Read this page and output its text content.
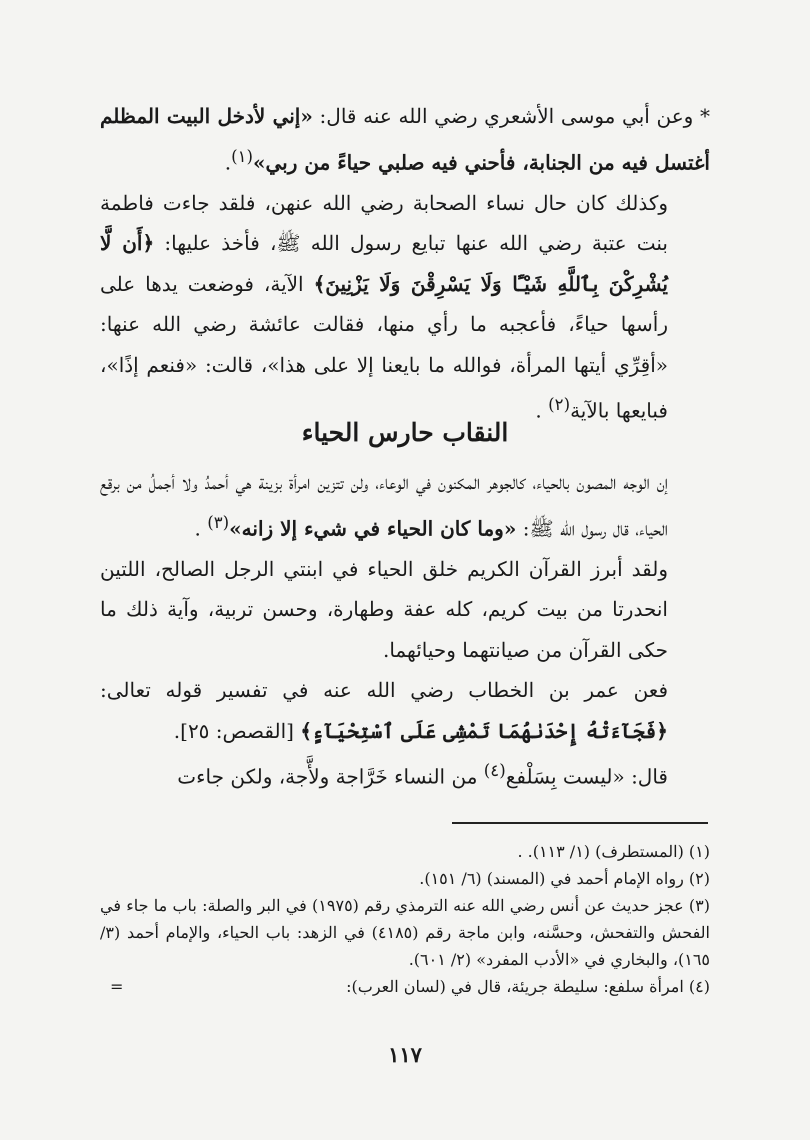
* وعن أبي موسى الأشعري رضي الله عنه قال: «إني لأدخل البيت المظلم أغتسل فيه من الجنابة، فأحني فيه صلبي حياءً من ربي»$^{(١)}$.

وكذلك كان حال نساء الصحابة رضي الله عنهن، فلقد جاءت فاطمة بنت عتبة رضي الله عنها تبايع رسول الله ﷺ، فأخذ عليها: ﴿أَن لَّا يُشْرِكْنَ بِٱللَّهِ شَيْـًٔا وَلَا يَسْرِقْنَ وَلَا يَزْنِينَ﴾ الآية، فوضعت يدها على رأسها حياءً، فأعجبه ما رأي منها، فقالت عائشة رضي الله عنها: «أقِرِّي أيتها المرأة، فوالله ما بايعنا إلا على هذا»، قالت: «فنعم إذًا»، فبايعها بالآية$^{(٢)}$ .

النقاب حارس الحياء

إن الوجه المصون بالحياء، كالجوهر المكنون في الوعاء، ولن تتزين امرأة بزينة هي أحمدُ ولا أجملُ من برقع الحياء، قال رسول الله ﷺ: «وما كان الحياء في شيء إلا زانه»$^{(٣)}$ .

ولقد أبرز القرآن الكريم خلق الحياء في ابنتي الرجل الصالح، اللتين انحدرتا من بيت كريم، كله عفة وطهارة، وحسن تربية، وآية ذلك ما حكى القرآن من صيانتهما وحيائهما.

فعن عمر بن الخطاب رضي الله عنه في تفسير قوله تعالى: ﴿فَجَآءَتْهُ إِحْدَىٰهُمَا تَمْشِى عَلَى ٱسْتِحْيَآءٍ﴾ [القصص: ٢٥].

قال: «ليست بِسَلْفع$^{(٤)}$ من النساء خَرَّاجة ولأَّجة، ولكن جاءت

(١) (المستطرف) (١/ ١١٣). .

(٢) رواه الإمام أحمد في (المسند) (٦/ ١٥١).

(٣) عجز حديث عن أنس رضي الله عنه الترمذي رقم (١٩٧٥) في البر والصلة: باب ما جاء في الفحش والتفحش، وحسَّنه، وابن ماجة رقم (٤١٨٥) في الزهد: باب الحياء، والإمام أحمد (٣/ ١٦٥)، والبخاري في «الأدب المفرد» (٢/ ٦٠١).

(٤) امرأة سلفع: سليطة جريئة، قال في (لسان العرب):
=

١١٧
